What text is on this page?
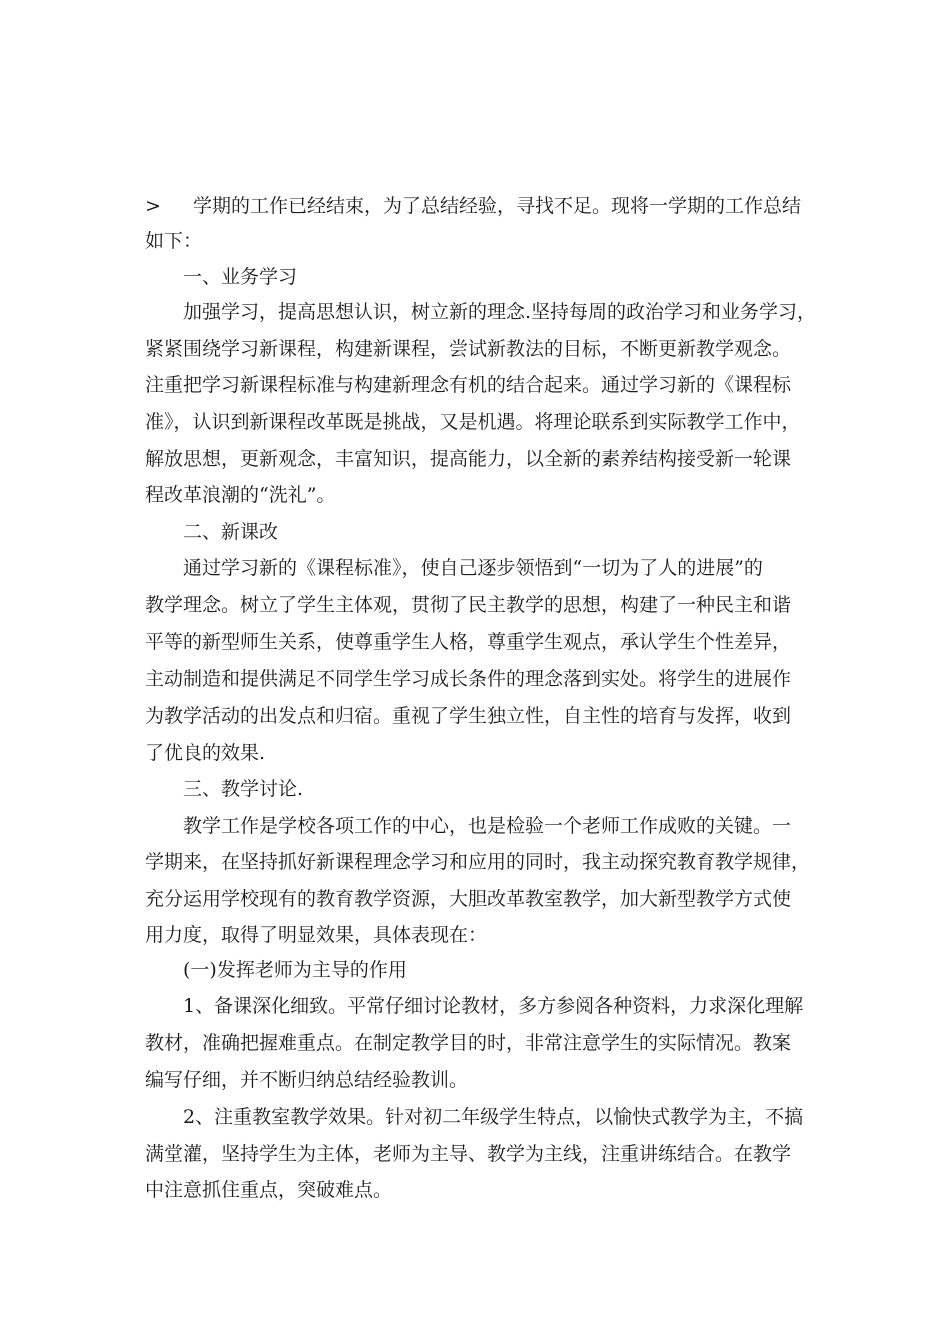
> 学期的工作已经结束，为了总结经验，寻找不足。现将一学期的工作总结
如下：
一、业务学习
加强学习，提高思想认识，树立新的理念.坚持每周的政治学习和业务学习，
紧紧围绕学习新课程，构建新课程，尝试新教法的目标，不断更新教学观念。
注重把学习新课程标准与构建新理念有机的结合起来。通过学习新的《课程标
准》，认识到新课程改革既是挑战，又是机遇。将理论联系到实际教学工作中，
解放思想，更新观念，丰富知识，提高能力，以全新的素养结构接受新一轮课
程改革浪潮的“洗礼”。
二、新课改
通过学习新的《课程标准》，使自己逐步领悟到“一切为了人的进展”的
教学理念。树立了学生主体观，贯彻了民主教学的思想，构建了一种民主和谐
平等的新型师生关系，使尊重学生人格，尊重学生观点，承认学生个性差异，
主动制造和提供满足不同学生学习成长条件的理念落到实处。将学生的进展作
为教学活动的出发点和归宿。重视了学生独立性，自主性的培育与发挥，收到
了优良的效果.
三、教学讨论.
教学工作是学校各项工作的中心，也是检验一个老师工作成败的关键。一
学期来，在坚持抓好新课程理念学习和应用的同时，我主动探究教育教学规律，
充分运用学校现有的教育教学资源，大胆改革教室教学，加大新型教学方式使
用力度，取得了明显效果，具体表现在：
(一)发挥老师为主导的作用
1、备课深化细致。平常仔细讨论教材，多方参阅各种资料，力求深化理解
教材，准确把握难重点。在制定教学目的时，非常注意学生的实际情况。教案
编写仔细，并不断归纳总结经验教训。
2、注重教室教学效果。针对初二年级学生特点，以愉快式教学为主，不搞
满堂灌，坚持学生为主体，老师为主导、教学为主线，注重讲练结合。在教学
中注意抓住重点，突破难点。
